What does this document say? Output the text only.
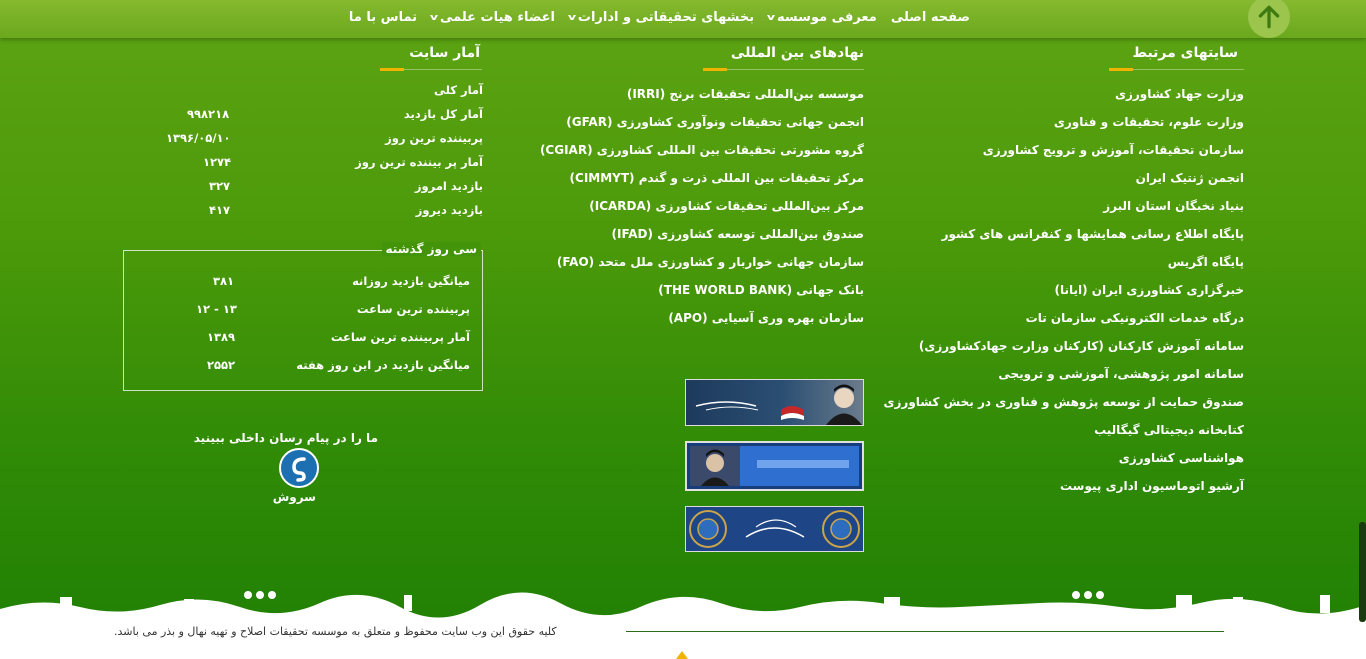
صفحه اصلی
معرفی موسسه
v
بخشهای تحقیقاتی و ادارات
v
اعضاء هیات علمی
v
تماس با ما
سایتهای مرتبط
وزارت جهاد کشاورزی
وزارت علوم، تحقیقات و فناوری
سازمان تحقیقات، آموزش و ترویج کشاورزی
انجمن ژنتیک ایران
بنیاد نخبگان استان البرز
پایگاه اطلاع رسانی همایشها و کنفرانس های کشور
پایگاه اگریس
خبرگزاری کشاورزی ایران (ایانا)
درگاه خدمات الکترونیکی سازمان تات
سامانه آموزش کارکنان (کارکنان وزارت جهادکشاورزی)
سامانه امور پژوهشی، آموزشی و ترویجی
صندوق حمایت از توسعه پژوهش و فناوری در بخش کشاورزی
کتابخانه دیجیتالی گیگالیب
هواشناسی کشاورزی
آرشیو اتوماسیون اداری پیوست
نهادهای بین المللی
موسسه بین‌المللی تحقیقات برنج (IRRI)
انجمن جهانی تحقیقات ونوآوری کشاورزی (GFAR)
گروه مشورتی تحقیقات بین المللی کشاورزی (CGIAR)
مرکز تحقیقات بین المللی ذرت و گندم (CIMMYT)
مرکز بین‌المللی تحقیقات کشاورزی (ICARDA)
صندوق بین‌المللی توسعه کشاورزی (IFAD)
سازمان جهانی خواربار و کشاورزی ملل متحد (FAO)
بانک جهانی (THE WORLD BANK)
سازمان بهره وری آسیایی (APO)
آمار سایت
آمار کلی
آمار کل بازدید
۹۹۸۲۱۸
پربیننده ترین روز
۱۳۹۶/۰۵/۱۰
آمار پر بیننده ترین روز
۱۲۷۴
بازدید امروز
۳۲۷
بازدید دیروز
۴۱۷
سی روز گذشته
میانگین بازدید روزانه
۳۸۱
پربیننده ترین ساعت
۱۲ - ۱۳
آمار پربیننده ترین ساعت
۱۳۸۹
میانگین بازدید در این روز هفته
۲۵۵۲
ما را در پیام رسان داخلی ببینید
سروش
کلیه حقوق این وب سایت محفوظ و متعلق به موسسه تحقیقات اصلاح و تهیه نهال و بذر می باشد.
